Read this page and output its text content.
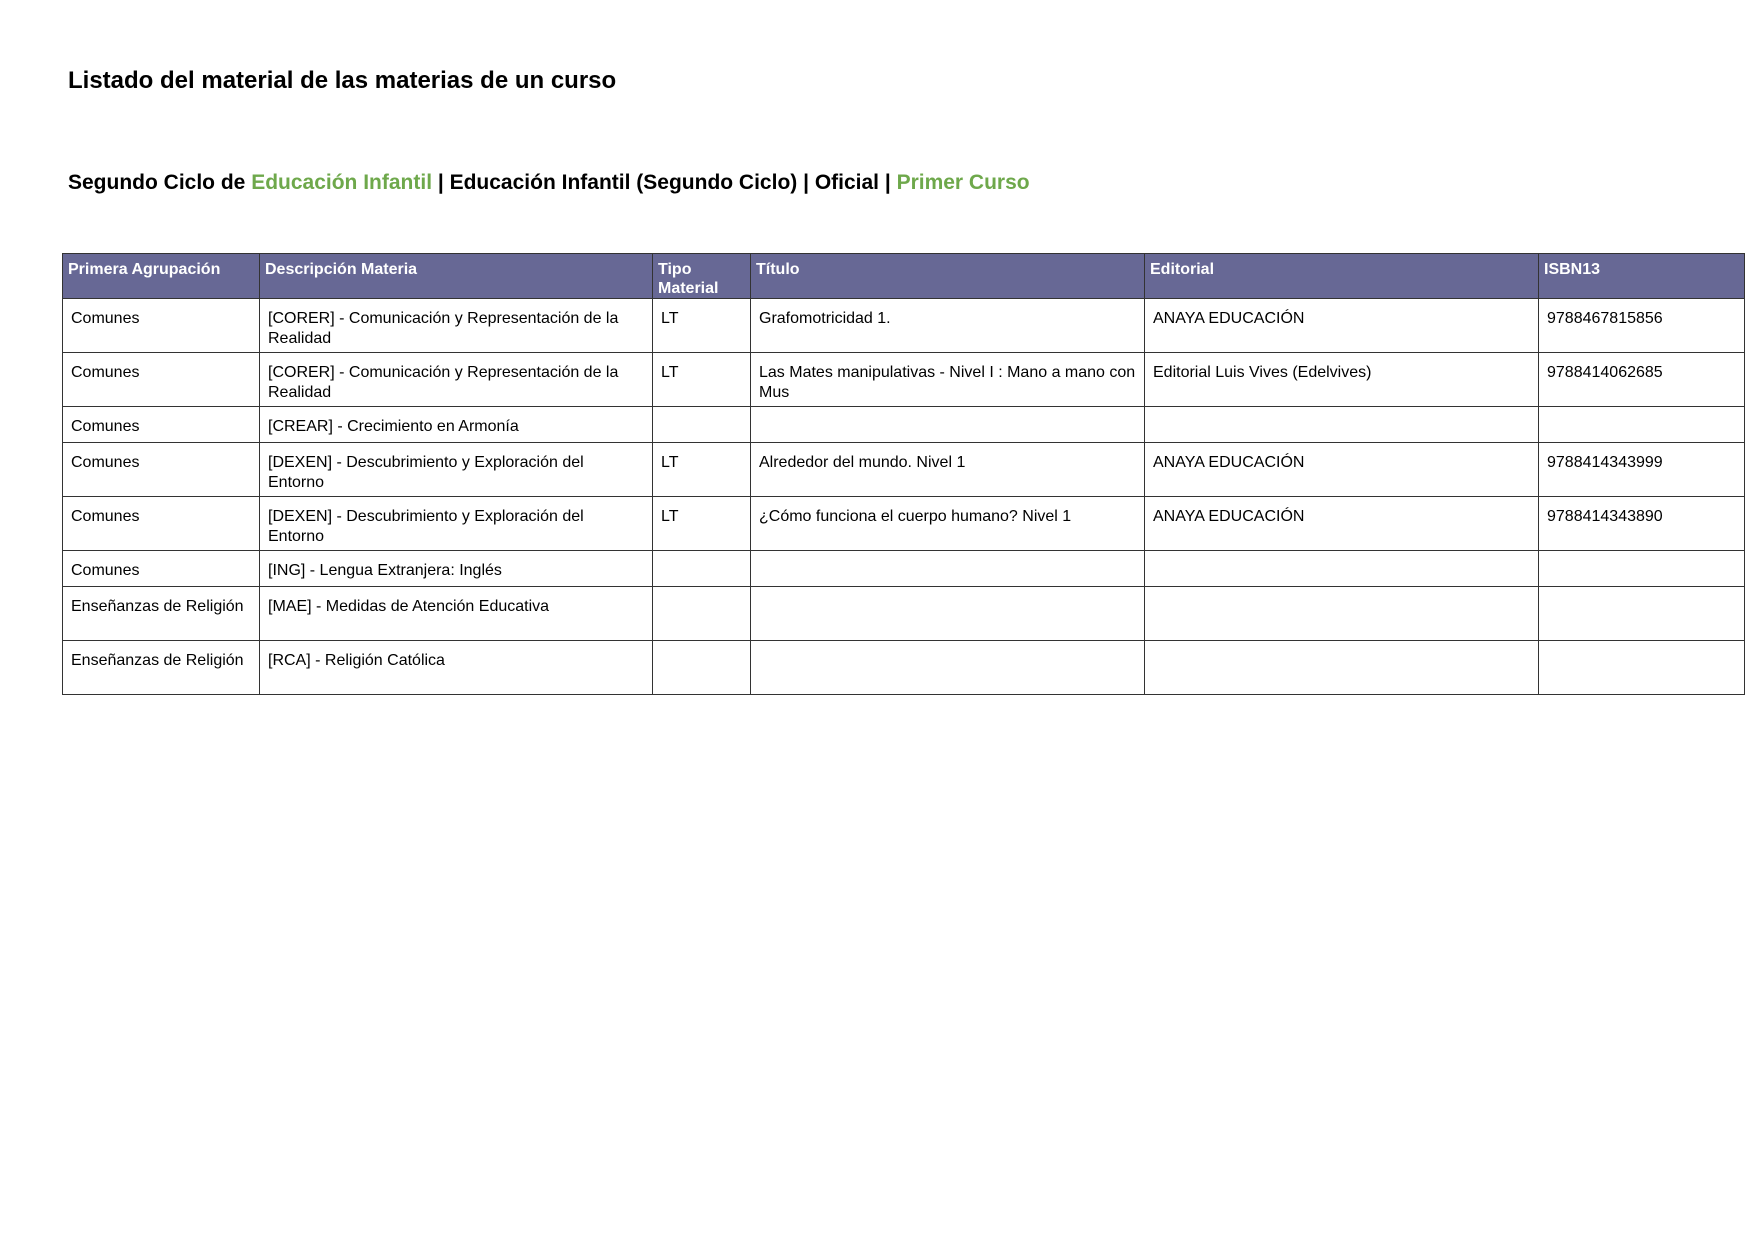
Listado del material de las materias de un curso

Segundo Ciclo de Educación Infantil | Educación Infantil (Segundo Ciclo) | Oficial | Primer Curso

Primera Agrupación	Descripción Materia	Tipo Material	Título	Editorial	ISBN13
Comunes	[CORER] - Comunicación y Representación de la Realidad	LT	Grafomotricidad 1.	ANAYA EDUCACIÓN	9788467815856
Comunes	[CORER] - Comunicación y Representación de la Realidad	LT	Las Mates manipulativas - Nivel I : Mano a mano con Mus	Editorial Luis Vives (Edelvives)	9788414062685
Comunes	[CREAR] - Crecimiento en Armonía				
Comunes	[DEXEN] - Descubrimiento y Exploración del Entorno	LT	Alrededor del mundo. Nivel 1	ANAYA EDUCACIÓN	9788414343999
Comunes	[DEXEN] - Descubrimiento y Exploración del Entorno	LT	¿Cómo funciona el cuerpo humano? Nivel 1	ANAYA EDUCACIÓN	9788414343890
Comunes	[ING] - Lengua Extranjera: Inglés				
Enseñanzas de Religión	[MAE] - Medidas de Atención Educativa				
Enseñanzas de Religión	[RCA] - Religión Católica				
